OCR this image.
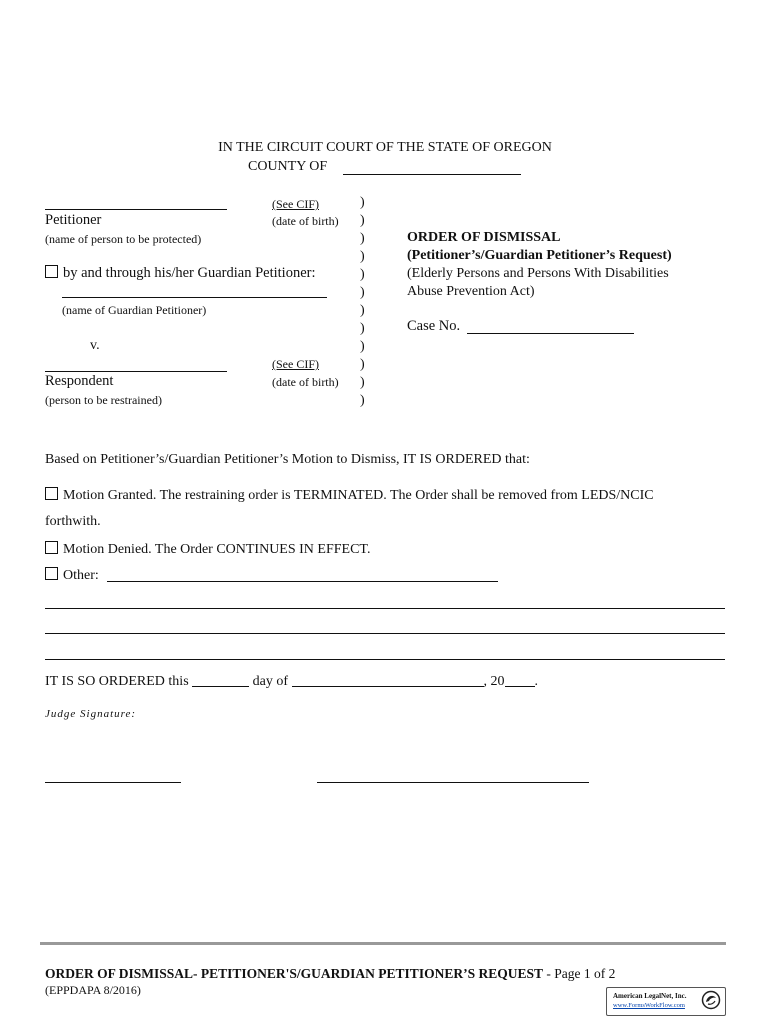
IN THE CIRCUIT COURT OF THE STATE OF OREGON
COUNTY OF
(See CIF)
Petitioner	(date of birth)
(name of person to be protected)
by and through his/her Guardian Petitioner:
(name of Guardian Petitioner)
v.
(See CIF)
Respondent	(date of birth)
(person to be restrained)
)
)
)
)
)
)
)
)
)
)
)
)
ORDER OF DISMISSAL
(Petitioner’s/Guardian Petitioner’s Request)
(Elderly Persons and Persons With Disabilities
Abuse Prevention Act)
Case No.
Based on Petitioner’s/Guardian Petitioner’s Motion to Dismiss, IT IS ORDERED that:
Motion Granted. The restraining order is TERMINATED. The Order shall be removed from LEDS/NCIC
forthwith.
Motion Denied. The Order CONTINUES IN EFFECT.
Other:
IT IS SO ORDERED this	day of	, 20 .
Judge Signature:
ORDER OF DISMISSAL- PETITIONER'S/GUARDIAN PETITIONER’S REQUEST - Page 1 of 2
(EPPDAPA 8/2016)	American LegalNet, Inc.
www.FormsWorkFlow.com
